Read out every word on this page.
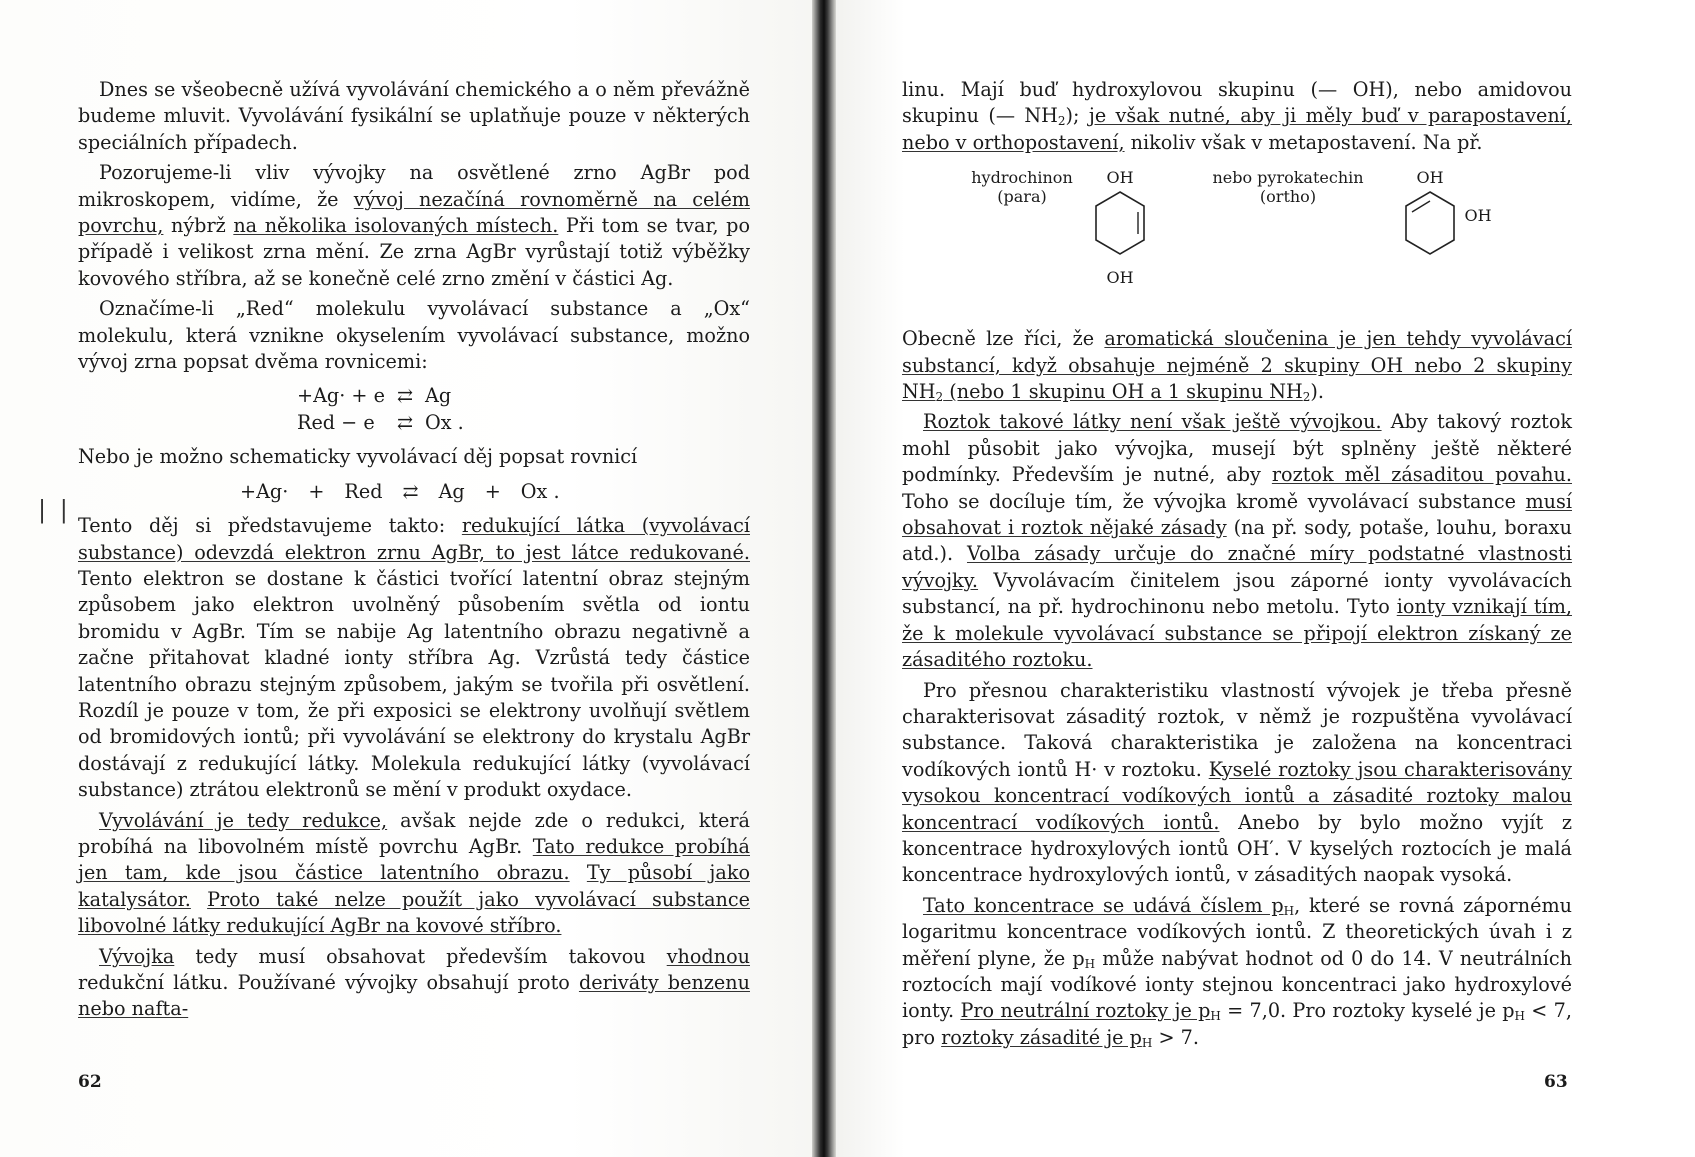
| |

Dnes se všeobecně užívá vyvolávání chemického a o něm převážně budeme mluvit. Vyvolávání fysikální se uplatňuje pouze v některých speciálních případech.

Pozorujeme-li vliv vývojky na osvětlené zrno AgBr pod mikroskopem, vidíme, že vývoj nezačíná rovnoměrně na celém povrchu, nýbrž na několika isolovaných místech. Při tom se tvar, po případě i velikost zrna mění. Ze zrna AgBr vyrůstají totiž výběžky kovového stříbra, až se konečně celé zrno změní v částici Ag.

Označíme-li „Red“ molekulu vyvolávací substance a „Ox“ molekulu, která vznikne okyselením vyvolávací substance, možno vývoj zrna popsat dvěma rovnicemi:

+Ag· + e	⇄	Ag
Red − e	⇄	Ox .

Nebo je možno schematicky vyvolávací děj popsat rovnicí

+Ag· + Red ⇄ Ag + Ox .

Tento děj si představujeme takto: redukující látka (vyvolávací substance) odevzdá elektron zrnu AgBr, to jest látce redukované. Tento elektron se dostane k částici tvořící latentní obraz stejným způsobem jako elektron uvolněný působením světla od iontu bromidu v AgBr. Tím se nabije Ag latentního obrazu negativně a začne přitahovat kladné ionty stříbra Ag. Vzrůstá tedy částice latentního obrazu stejným způsobem, jakým se tvořila při osvětlení. Rozdíl je pouze v tom, že při exposici se elektrony uvolňují světlem od bromidových iontů; při vyvolávání se elektrony do krystalu AgBr dostávají z redukující látky. Molekula redukující látky (vyvolávací substance) ztrátou elektronů se mění v produkt oxydace.

Vyvolávání je tedy redukce, avšak nejde zde o redukci, která probíhá na libovolném místě povrchu AgBr. Tato redukce probíhá jen tam, kde jsou částice latentního obrazu. Ty působí jako katalysátor. Proto také nelze použít jako vyvolávací substance libovolné látky redukující AgBr na kovové stříbro.

Vývojka tedy musí obsahovat především takovou vhodnou redukční látku. Používané vývojky obsahují proto deriváty benzenu nebo nafta-

62

linu. Mají buď hydroxylovou skupinu (— OH), nebo amidovou skupinu (— $NH_2$); je však nutné, aby ji měly buď v parapostavení, nebo v orthopostavení, nikoliv však v metapostavení. Na př.

hydrochinon
(para)
OH
OH
nebo pyrokatechin
(ortho)
OH
OH

Obecně lze říci, že aromatická sloučenina je jen tehdy vyvolávací substancí, když obsahuje nejméně 2 skupiny OH nebo 2 skupiny $NH_2$ (nebo 1 skupinu OH a 1 skupinu $NH_2$).

Roztok takové látky není však ještě vývojkou. Aby takový roztok mohl působit jako vývojka, musejí být splněny ještě některé podmínky. Především je nutné, aby roztok měl zásaditou povahu. Toho se docíluje tím, že vývojka kromě vyvolávací substance musí obsahovat i roztok nějaké zásady (na př. sody, potaše, louhu, boraxu atd.). Volba zásady určuje do značné míry podstatné vlastnosti vývojky. Vyvolávacím činitelem jsou záporné ionty vyvolávacích substancí, na př. hydrochinonu nebo metolu. Tyto ionty vznikají tím, že k molekule vyvolávací substance se připojí elektron získaný ze zásaditého roztoku.

Pro přesnou charakteristiku vlastností vývojek je třeba přesně charakterisovat zásaditý roztok, v němž je rozpuštěna vyvolávací substance. Taková charakteristika je založena na koncentraci vodíkových iontů H· v roztoku. Kyselé roztoky jsou charakterisovány vysokou koncentrací vodíkových iontů a zásadité roztoky malou koncentrací vodíkových iontů. Anebo by bylo možno vyjít z koncentrace hydroxylových iontů OH′. V kyselých roztocích je malá koncentrace hydroxylových iontů, v zásaditých naopak vysoká.

Tato koncentrace se udává číslem $p_H$, které se rovná zápornému logaritmu koncentrace vodíkových iontů. Z theoretických úvah i z měření plyne, že $p_H$ může nabývat hodnot od 0 do 14. V neutrálních roztocích mají vodíkové ionty stejnou koncentraci jako hydroxylové ionty. Pro neutrální roztoky je $p_H = 7,0$. Pro roztoky kyselé je $p_H < 7$, pro roztoky zásadité je $p_H > 7$.

63
